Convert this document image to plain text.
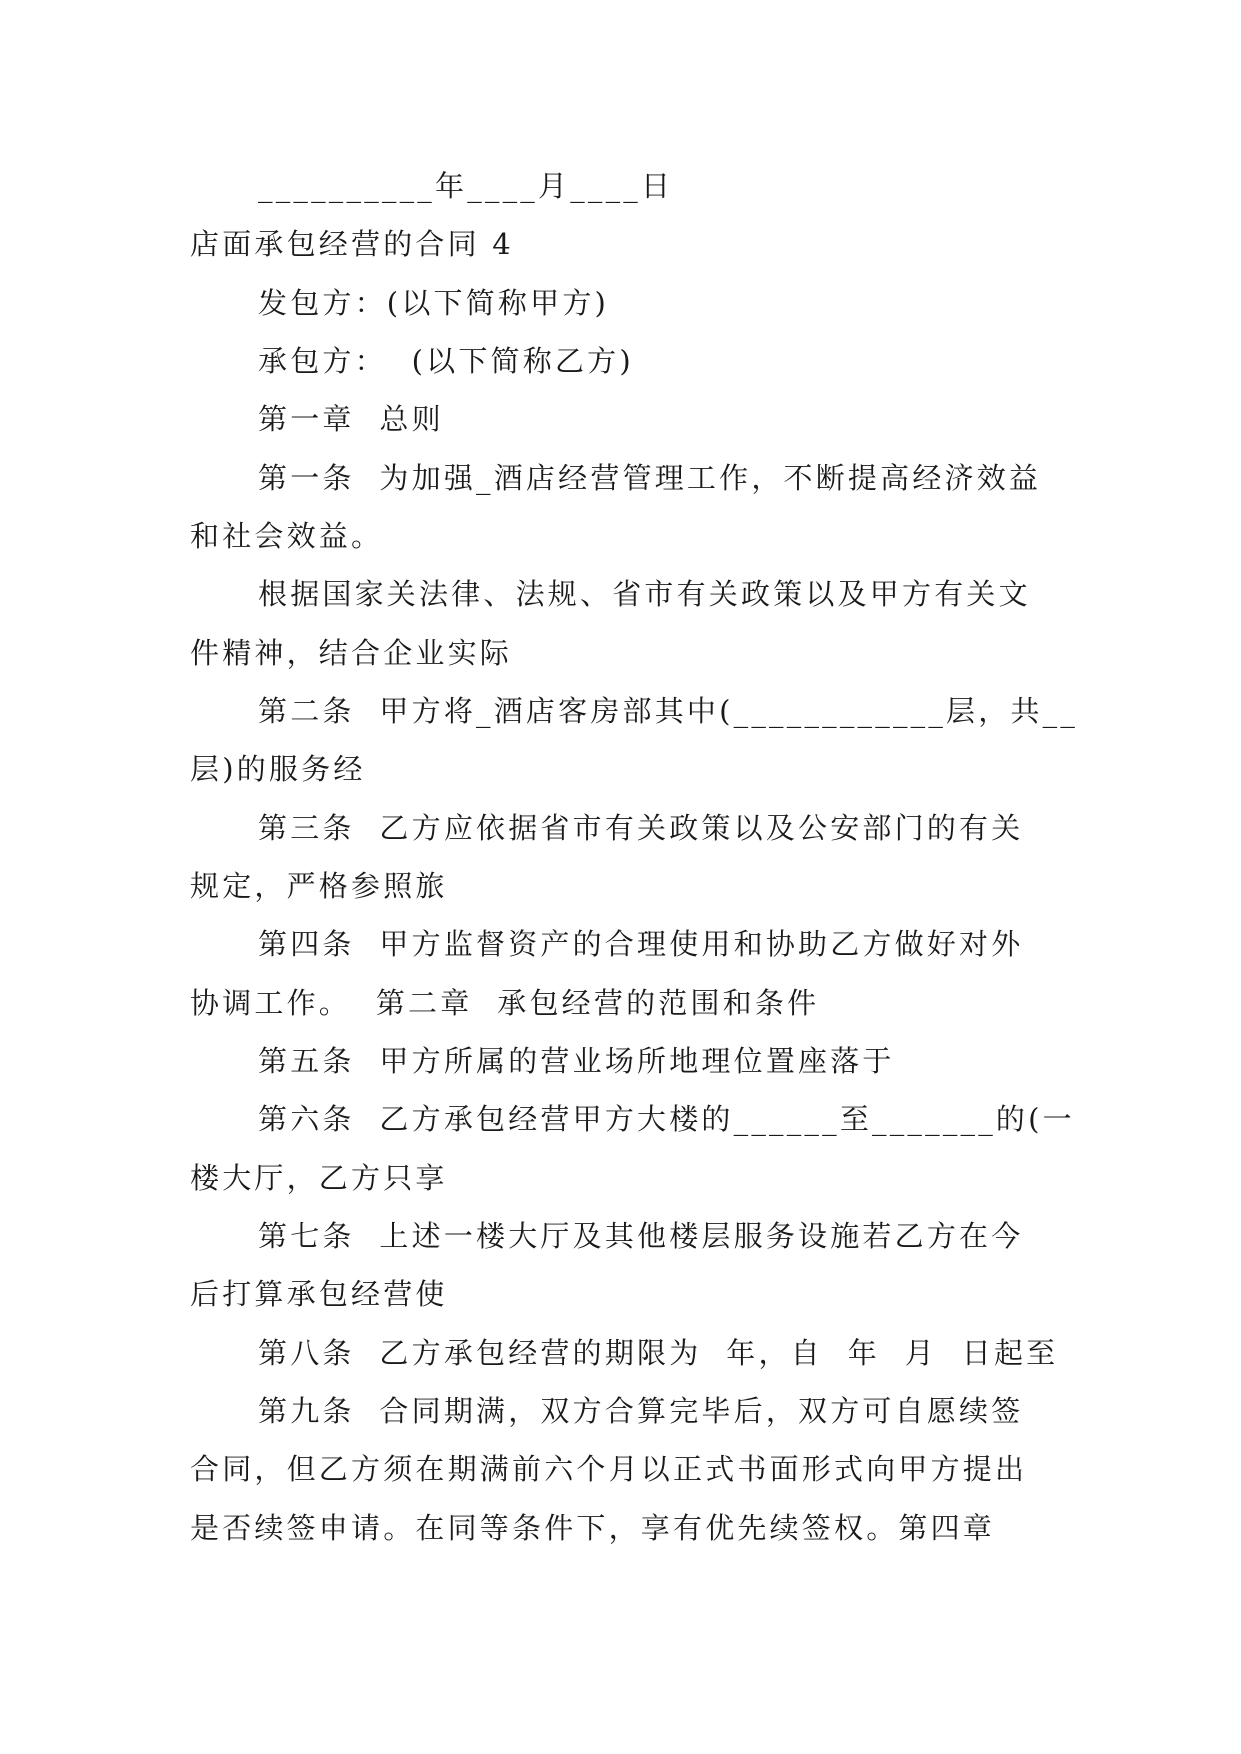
__________年____月____日
店面承包经营的合同 4
发包方：(以下简称甲方)
承包方：  (以下简称乙方)
第一章  总则
第一条  为加强_酒店经营管理工作，不断提高经济效益
和社会效益。
根据国家关法律、法规、省市有关政策以及甲方有关文
件精神，结合企业实际
第二条  甲方将_酒店客房部其中(____________层，共__
层)的服务经
第三条  乙方应依据省市有关政策以及公安部门的有关
规定，严格参照旅
第四条  甲方监督资产的合理使用和协助乙方做好对外
协调工作。  第二章  承包经营的范围和条件
第五条  甲方所属的营业场所地理位置座落于
第六条  乙方承包经营甲方大楼的______至_______的(一
楼大厅，乙方只享
第七条  上述一楼大厅及其他楼层服务设施若乙方在今
后打算承包经营使
第八条  乙方承包经营的期限为  年，自  年  月  日起至
第九条  合同期满，双方合算完毕后，双方可自愿续签
合同，但乙方须在期满前六个月以正式书面形式向甲方提出
是否续签申请。在同等条件下，享有优先续签权。第四章
